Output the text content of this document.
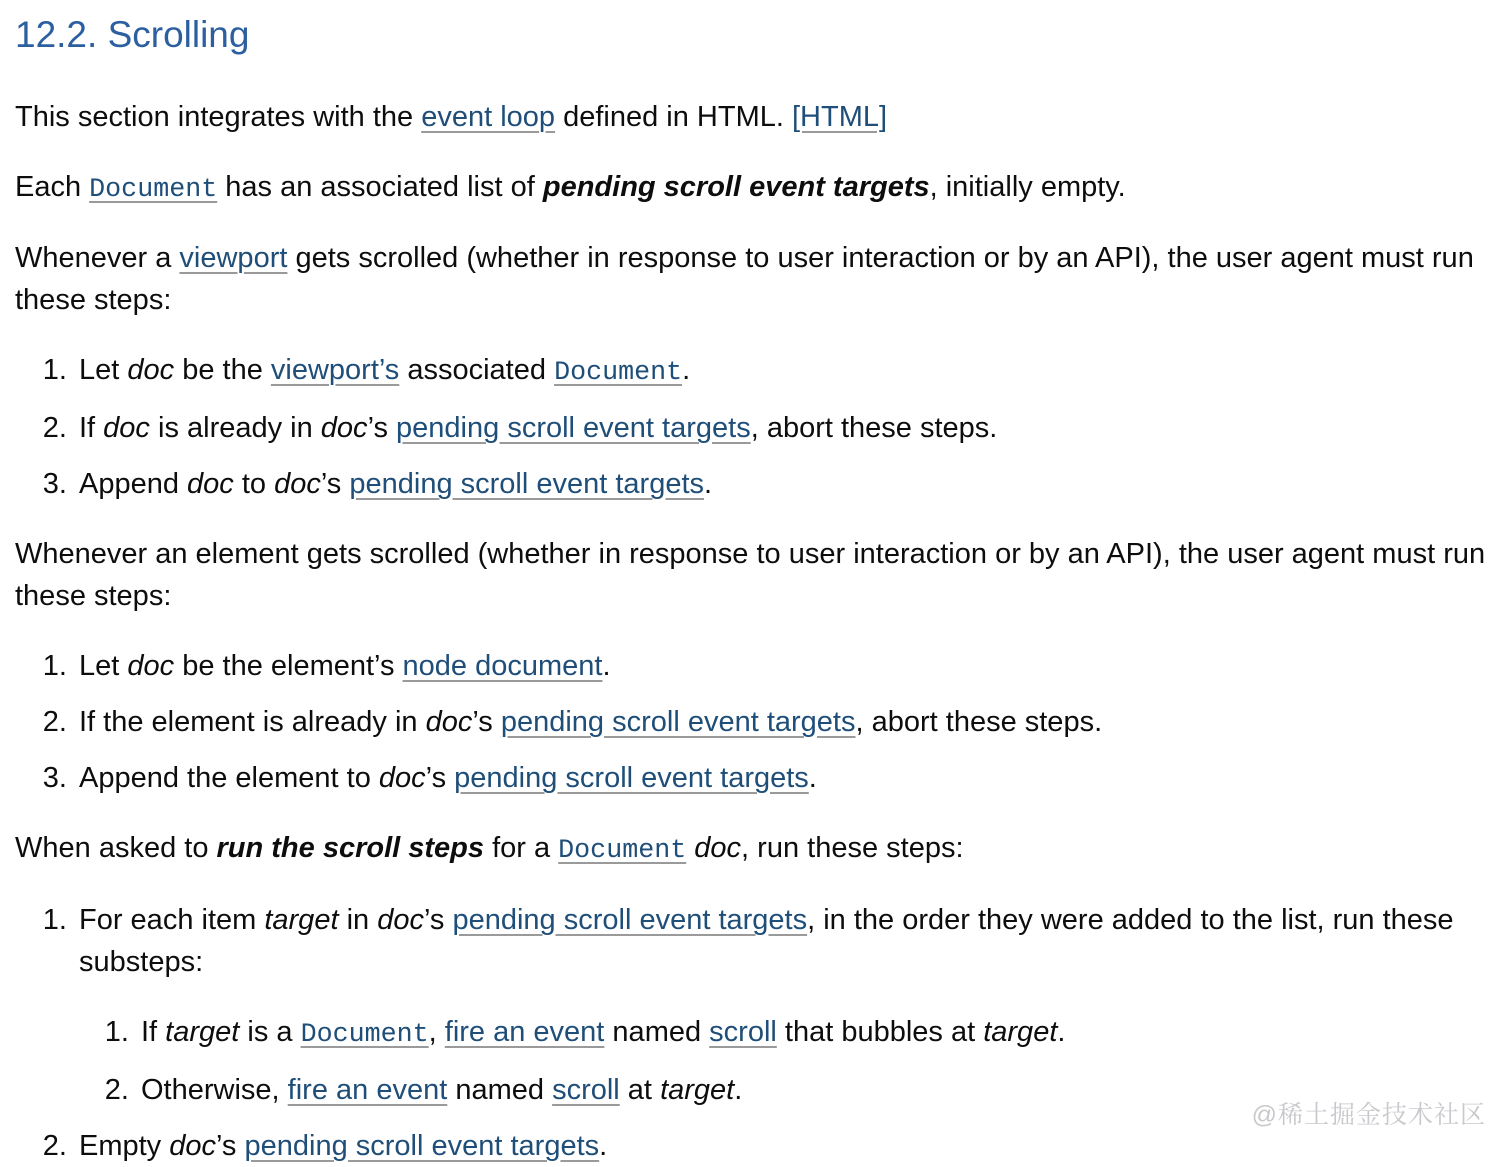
12.2. Scrolling

This section integrates with the event loop defined in HTML. [HTML]

Each Document has an associated list of pending scroll event targets, initially empty.

Whenever a viewport gets scrolled (whether in response to user interaction or by an API), the user agent must run these steps:

1. Let doc be the viewport’s associated Document.
2. If doc is already in doc’s pending scroll event targets, abort these steps.
3. Append doc to doc’s pending scroll event targets.

Whenever an element gets scrolled (whether in response to user interaction or by an API), the user agent must run these steps:

1. Let doc be the element’s node document.
2. If the element is already in doc’s pending scroll event targets, abort these steps.
3. Append the element to doc’s pending scroll event targets.

When asked to run the scroll steps for a Document doc, run these steps:

1. For each item target in doc’s pending scroll event targets, in the order they were added to the list, run these substeps:
1. If target is a Document, fire an event named scroll that bubbles at target.
2. Otherwise, fire an event named scroll at target.
2. Empty doc’s pending scroll event targets.
@稀土掘金技术社区
